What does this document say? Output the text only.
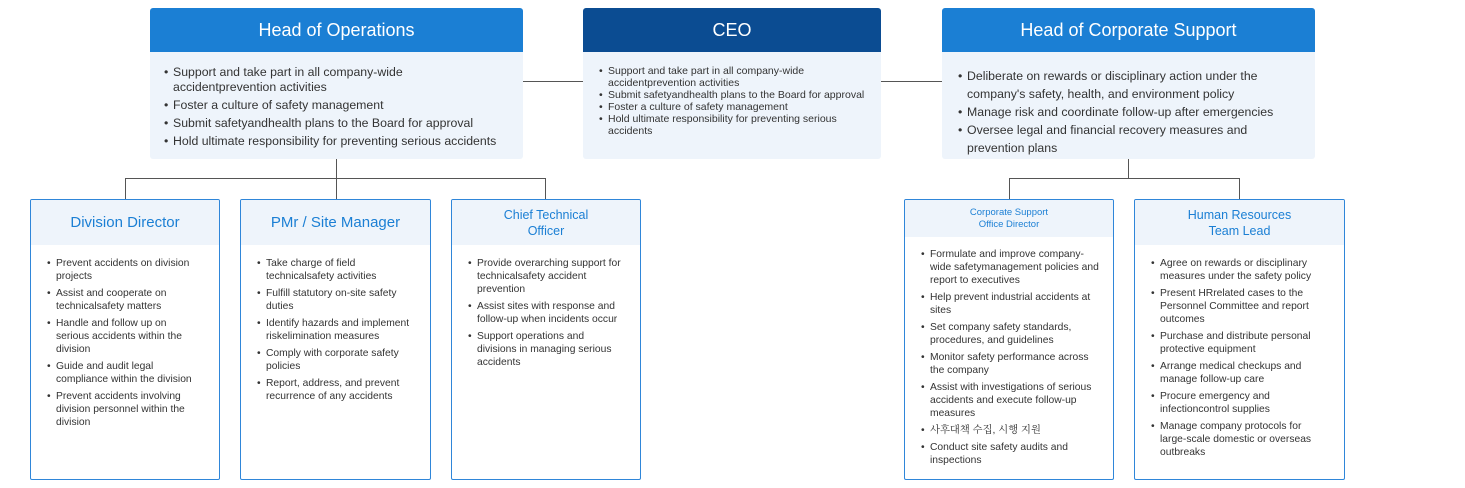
Head of Operations
• Support and take part in all company-wide accidentprevention activities
• Foster a culture of safety management
• Submit safetyandhealth plans to the Board for approval
• Hold ultimate responsibility for preventing serious accidents
CEO
• Support and take part in all company-wide accidentprevention activities
• Submit safetyandhealth plans to the Board for approval
• Foster a culture of safety management
• Hold ultimate responsibility for preventing serious accidents
Head of Corporate Support
• Deliberate on rewards or disciplinary action under the company's safety, health, and environment policy
• Manage risk and coordinate follow-up after emergencies
• Oversee legal and financial recovery measures and prevention plans
Division Director
• Prevent accidents on division projects
• Assist and cooperate on technicalsafety matters
• Handle and follow up on serious accidents within the division
• Guide and audit legal compliance within the division
• Prevent accidents involving division personnel within the division
PMr / Site Manager
• Take charge of field technicalsafety activities
• Fulfill statutory on-site safety duties
• Identify hazards and implement riskelimination measures
• Comply with corporate safety policies
• Report, address, and prevent recurrence of any accidents
Chief Technical
Officer
• Provide overarching support for technicalsafety accident prevention
• Assist sites with response and follow-up when incidents occur
• Support operations and divisions in managing serious accidents
Corporate Support
Office Director
• Formulate and improve company-wide safetymanagement policies and report to executives
• Help prevent industrial accidents at sites
• Set company safety standards, procedures, and guidelines
• Monitor safety performance across the company
• Assist with investigations of serious accidents and execute follow-up measures
• 사후대책 수집, 시행 지원
• Conduct site safety audits and inspections
Human Resources
Team Lead
• Agree on rewards or disciplinary measures under the safety policy
• Present HRrelated cases to the Personnel Committee and report outcomes
• Purchase and distribute personal protective equipment
• Arrange medical checkups and manage follow-up care
• Procure emergency and infectioncontrol supplies
• Manage company protocols for large-scale domestic or overseas outbreaks
